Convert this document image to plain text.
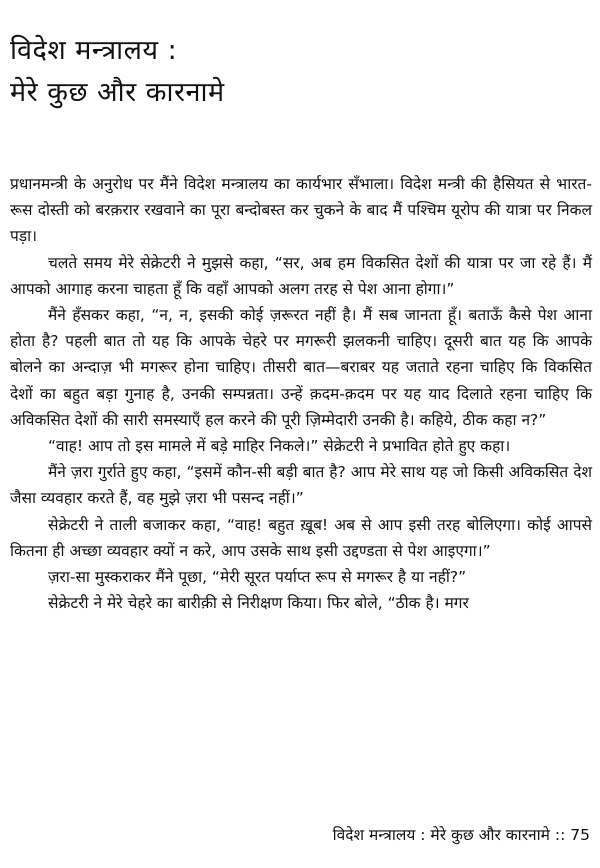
विदेश मन्त्रालय :
मेरे कुछ और कारनामे

प्रधानमन्त्री के अनुरोध पर मैंने विदेश मन्त्रालय का कार्यभार सँभाला। विदेश मन्त्री की हैसियत से भारत-रूस दोस्ती को बरक़रार रखवाने का पूरा बन्दोबस्त कर चुकने के बाद मैं पश्चिम यूरोप की यात्रा पर निकल पड़ा।

चलते समय मेरे सेक्रेटरी ने मुझसे कहा, “सर, अब हम विकसित देशों की यात्रा पर जा रहे हैं। मैं आपको आगाह करना चाहता हूँ कि वहाँ आपको अलग तरह से पेश आना होगा।”

मैंने हँसकर कहा, “न, न, इसकी कोई ज़रूरत नहीं है। मैं सब जानता हूँ। बताऊँ कैसे पेश आना होता है? पहली बात तो यह कि आपके चेहरे पर मगरूरी झलकनी चाहिए। दूसरी बात यह कि आपके बोलने का अन्दाज़ भी मगरूर होना चाहिए। तीसरी बात—बराबर यह जताते रहना चाहिए कि विकसित देशों का बहुत बड़ा गुनाह है, उनकी सम्पन्नता। उन्हें क़दम-क़दम पर यह याद दिलाते रहना चाहिए कि अविकसित देशों की सारी समस्याएँ हल करने की पूरी ज़िम्मेदारी उनकी है। कहिये, ठीक कहा न?”

“वाह! आप तो इस मामले में बड़े माहिर निकले।” सेक्रेटरी ने प्रभावित होते हुए कहा।

मैंने ज़रा गुर्राते हुए कहा, “इसमें कौन-सी बड़ी बात है? आप मेरे साथ यह जो किसी अविकसित देश जैसा व्यवहार करते हैं, वह मुझे ज़रा भी पसन्द नहीं।”

सेक्रेटरी ने ताली बजाकर कहा, “वाह! बहुत ख़ूब! अब से आप इसी तरह बोलिएगा। कोई आपसे कितना ही अच्छा व्यवहार क्यों न करे, आप उसके साथ इसी उद्दण्डता से पेश आइएगा।”

ज़रा-सा मुस्कराकर मैंने पूछा, “मेरी सूरत पर्याप्त रूप से मगरूर है या नहीं?”

सेक्रेटरी ने मेरे चेहरे का बारीक़ी से निरीक्षण किया। फिर बोले, “ठीक है। मगर

विदेश मन्त्रालय : मेरे कुछ और कारनामे :: 75
